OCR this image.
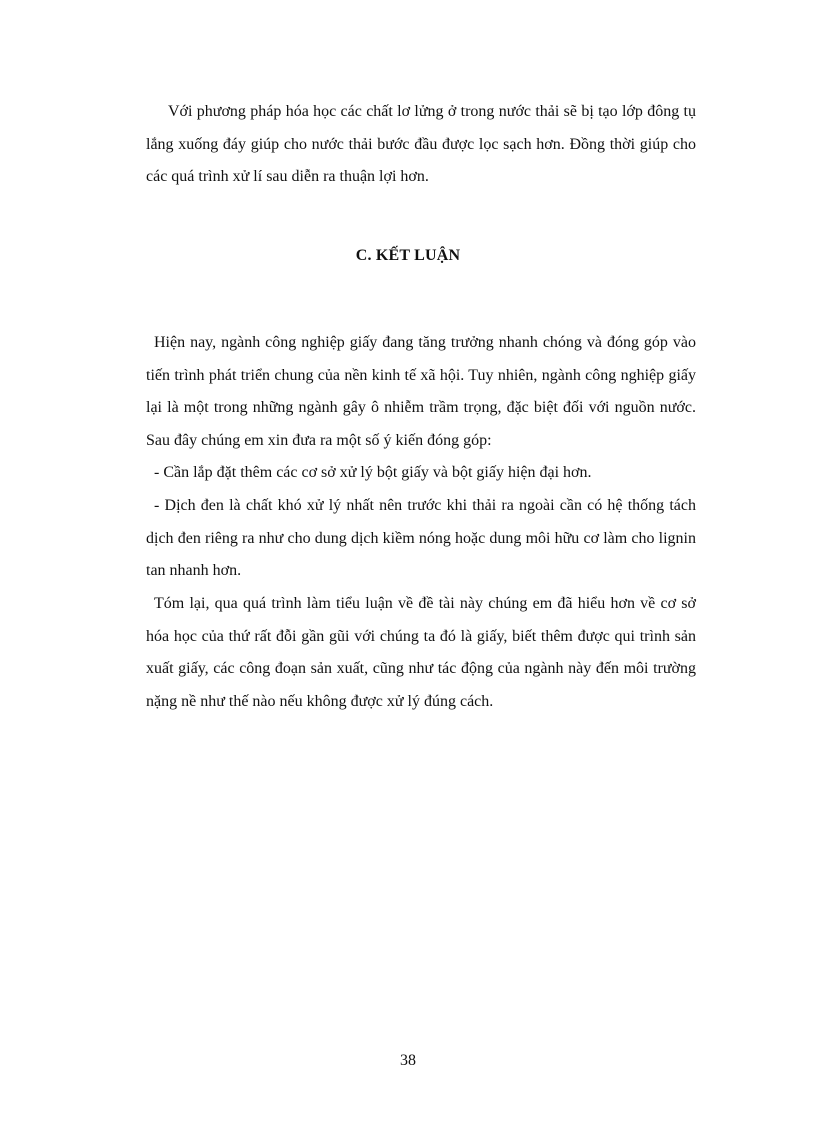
Với phương pháp hóa học các chất lơ lửng ở trong nước thải sẽ bị tạo lớp đông tụ lắng xuống đáy giúp cho nước thải bước đầu được lọc sạch hơn. Đồng thời giúp cho các quá trình xử lí sau diễn ra thuận lợi hơn.

C. KẾT LUẬN

Hiện nay, ngành công nghiệp giấy đang tăng trưởng nhanh chóng và đóng góp vào tiến trình phát triển chung của nền kinh tế xã hội. Tuy nhiên, ngành công nghiệp giấy lại là một trong những ngành gây ô nhiễm trầm trọng, đặc biệt đối với nguồn nước. Sau đây chúng em xin đưa ra một số ý kiến đóng góp:

- Cần lắp đặt thêm các cơ sở xử lý bột giấy và bột giấy hiện đại hơn.

- Dịch đen là chất khó xử lý nhất nên trước khi thải ra ngoài cần có hệ thống tách dịch đen riêng ra như cho dung dịch kiềm nóng hoặc dung môi hữu cơ làm cho lignin tan nhanh hơn.

Tóm lại, qua quá trình làm tiểu luận về đề tài này chúng em đã hiểu hơn về cơ sở hóa học của thứ rất đỗi gần gũi với chúng ta đó là giấy, biết thêm được qui trình sản xuất giấy, các công đoạn sản xuất, cũng như tác động của ngành này đến môi trường nặng nề như thế nào nếu không được xử lý đúng cách.

38
